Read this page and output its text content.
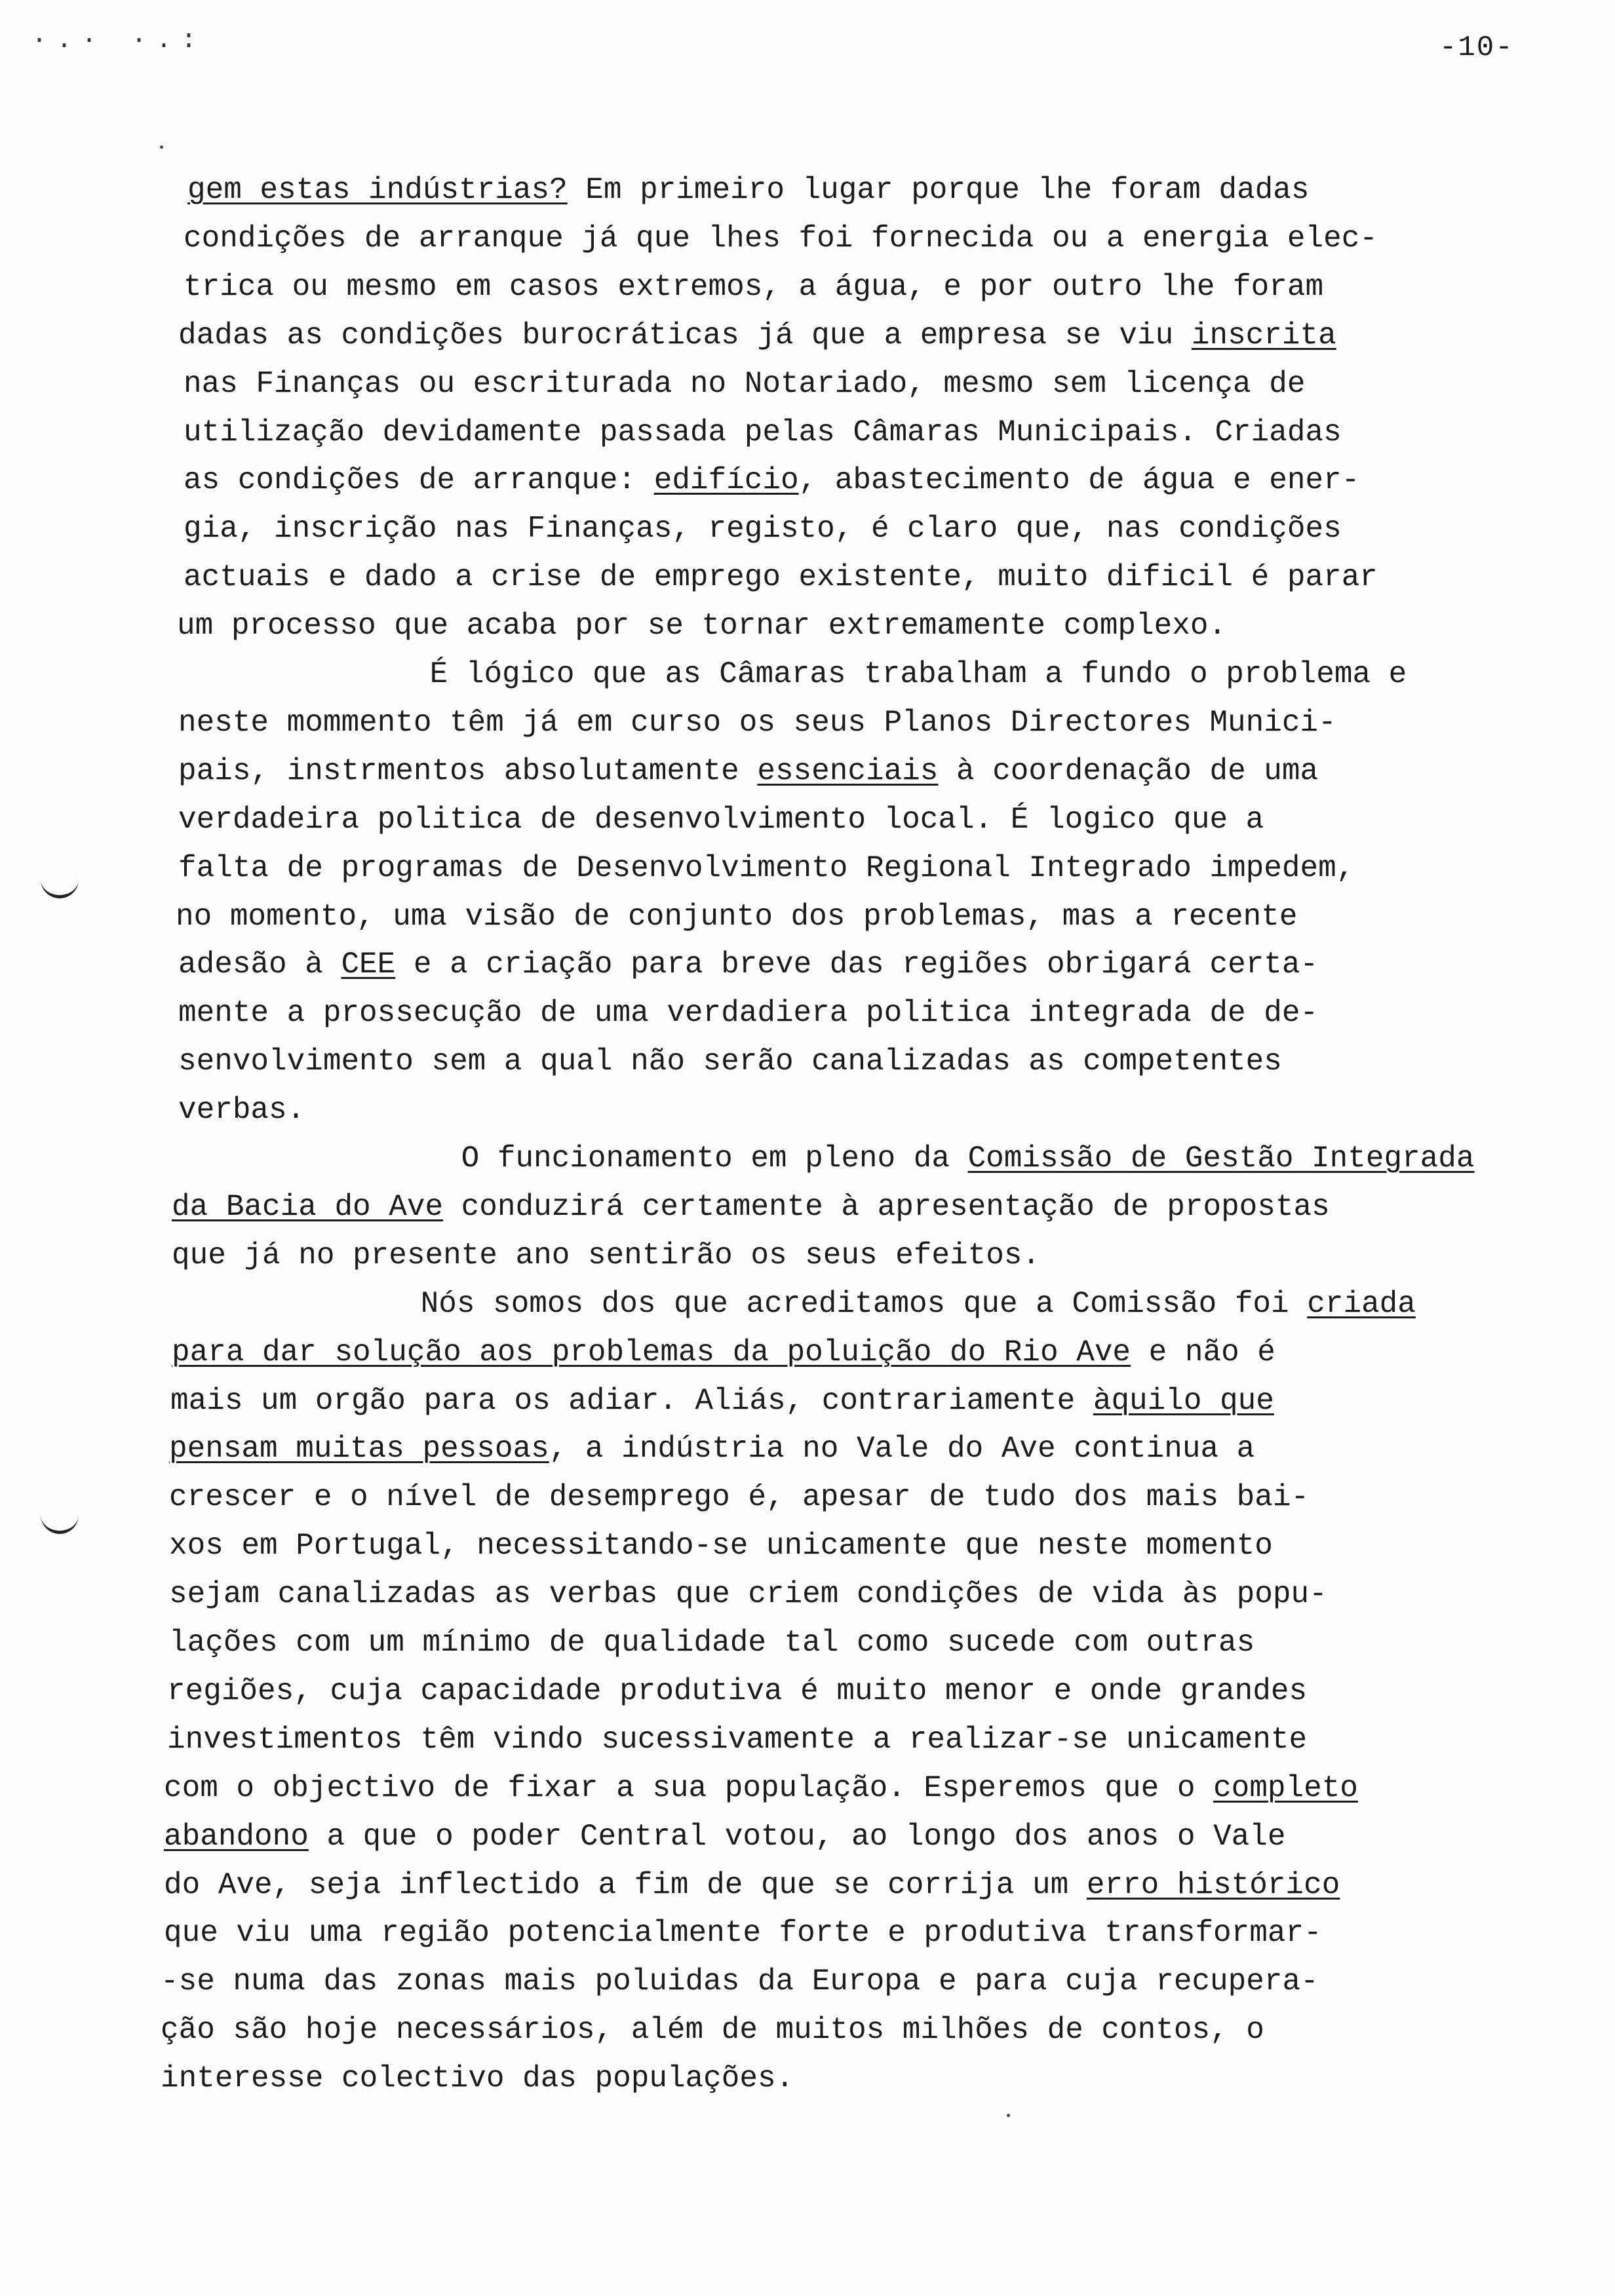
·.· ·.:	-10-

gem estas indústrias? Em primeiro lugar porque lhe foram dadas

condições de arranque já que lhes foi fornecida ou a energia elec-

trica ou mesmo em casos extremos, a água, e por outro lhe foram

dadas as condições burocráticas já que a empresa se viu inscrita

nas Finanças ou escriturada no Notariado, mesmo sem licença de

utilização devidamente passada pelas Câmaras Municipais. Criadas

as condições de arranque: edifício, abastecimento de água e ener-

gia, inscrição nas Finanças, registo, é claro que, nas condições

actuais e dado a crise de emprego existente, muito dificil é parar

um processo que acaba por se tornar extremamente complexo.

É lógico que as Câmaras trabalham a fundo o problema e

neste mommento têm já em curso os seus Planos Directores Munici-

pais, instrmentos absolutamente essenciais à coordenação de uma

verdadeira politica de desenvolvimento local. É logico que a

falta de programas de Desenvolvimento Regional Integrado impedem,

no momento, uma visão de conjunto dos problemas, mas a recente

adesão à CEE e a criação para breve das regiões obrigará certa-

mente a prossecução de uma verdadiera politica integrada de de-

senvolvimento sem a qual não serão canalizadas as competentes

verbas.

O funcionamento em pleno da Comissão de Gestão Integrada

da Bacia do Ave conduzirá certamente à apresentação de propostas

que já no presente ano sentirão os seus efeitos.

Nós somos dos que acreditamos que a Comissão foi criada

para dar solução aos problemas da poluição do Rio Ave e não é

mais um orgão para os adiar. Aliás, contrariamente àquilo que

pensam muitas pessoas, a indústria no Vale do Ave continua a

crescer e o nível de desemprego é, apesar de tudo dos mais bai-

xos em Portugal, necessitando-se unicamente que neste momento

sejam canalizadas as verbas que criem condições de vida às popu-

lações com um mínimo de qualidade tal como sucede com outras

regiões, cuja capacidade produtiva é muito menor e onde grandes

investimentos têm vindo sucessivamente a realizar-se unicamente

com o objectivo de fixar a sua população. Esperemos que o completo

abandono a que o poder Central votou, ao longo dos anos o Vale

do Ave, seja inflectido a fim de que se corrija um erro histórico

que viu uma região potencialmente forte e produtiva transformar-

-se numa das zonas mais poluidas da Europa e para cuja recupera-

ção são hoje necessários, além de muitos milhões de contos, o

interesse colectivo das populações.
